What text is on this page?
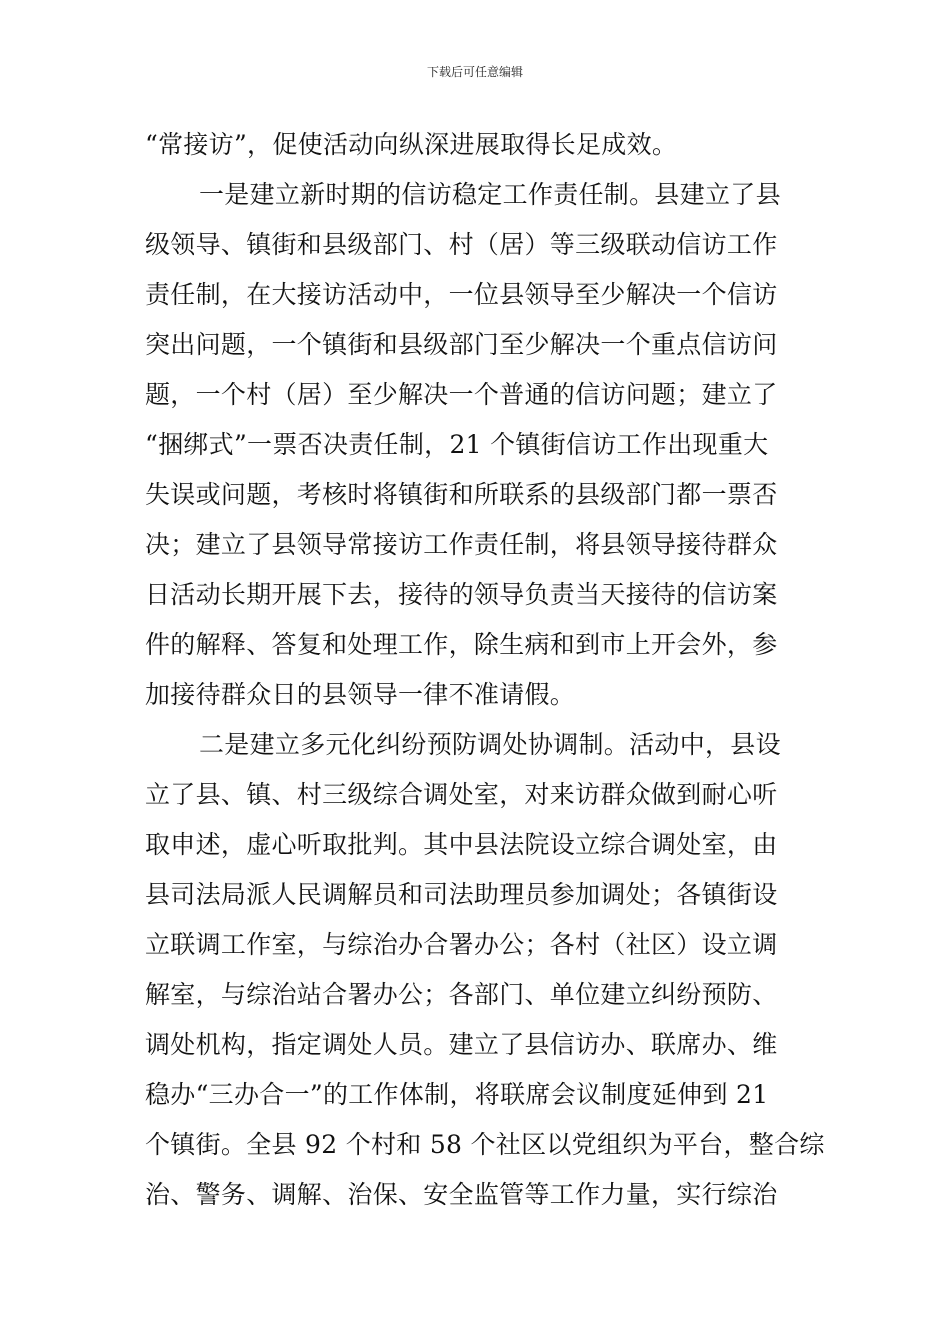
下载后可任意编辑
“常接访”，促使活动向纵深进展取得长足成效。
一是建立新时期的信访稳定工作责任制。县建立了县
级领导、镇街和县级部门、村（居）等三级联动信访工作
责任制，在大接访活动中，一位县领导至少解决一个信访
突出问题，一个镇街和县级部门至少解决一个重点信访问
题，一个村（居）至少解决一个普通的信访问题；建立了
“捆绑式”一票否决责任制，21 个镇街信访工作出现重大
失误或问题，考核时将镇街和所联系的县级部门都一票否
决；建立了县领导常接访工作责任制，将县领导接待群众
日活动长期开展下去，接待的领导负责当天接待的信访案
件的解释、答复和处理工作，除生病和到市上开会外，参
加接待群众日的县领导一律不准请假。
二是建立多元化纠纷预防调处协调制。活动中，县设
立了县、镇、村三级综合调处室，对来访群众做到耐心听
取申述，虚心听取批判。其中县法院设立综合调处室，由
县司法局派人民调解员和司法助理员参加调处；各镇街设
立联调工作室，与综治办合署办公；各村（社区）设立调
解室，与综治站合署办公；各部门、单位建立纠纷预防、
调处机构，指定调处人员。建立了县信访办、联席办、维
稳办“三办合一”的工作体制，将联席会议制度延伸到 21
个镇街。全县 92 个村和 58 个社区以党组织为平台，整合综
治、警务、调解、治保、安全监管等工作力量，实行综治
